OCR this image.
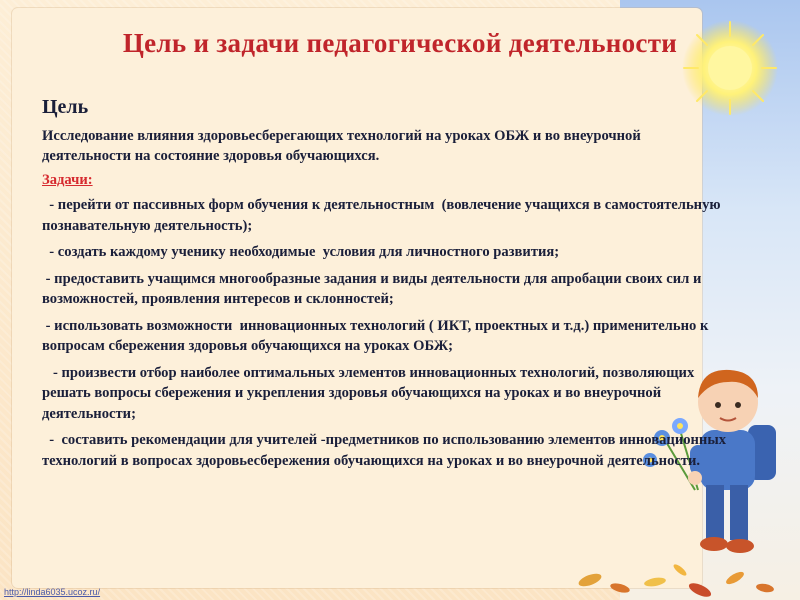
Цель и задачи педагогической деятельности
Цель
Исследование влияния здоровьесберегающих технологий на уроках ОБЖ и во внеурочной деятельности на состояние здоровья обучающихся.
Задачи:
- перейти от пассивных форм обучения к деятельностным  (вовлечение учащихся в самостоятельную познавательную деятельность);
- создать каждому ученику необходимые  условия для личностного развития;
- предоставить учащимся многообразные задания и виды деятельности для апробации своих сил и возможностей, проявления интересов и склонностей;
- использовать возможности  инновационных технологий ( ИКТ, проектных и т.д.) применительно к вопросам сбережения здоровья обучающихся на уроках ОБЖ;
- произвести отбор наиболее оптимальных элементов инновационных технологий, позволяющих решать вопросы сбережения и укрепления здоровья обучающихся на уроках и во внеурочной деятельности;
-  составить рекомендации для учителей -предметников по использованию элементов инновационных технологий в вопросах здоровьесбережения обучающихся на уроках и во внеурочной деятельности.
http://linda6035.ucoz.ru/
